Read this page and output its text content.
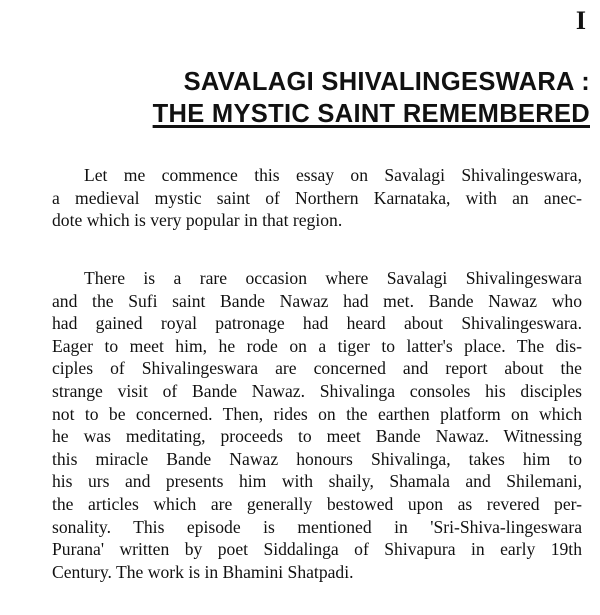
I
SAVALAGI SHIVALINGESWARA :
THE MYSTIC SAINT REMEMBERED
Let me commence this essay on Savalagi Shivalingeswara,
a medieval mystic saint of Northern Karnataka, with an anec-
dote which is very popular in that region.
There is a rare occasion where Savalagi Shivalingeswara
and the Sufi saint Bande Nawaz had met. Bande Nawaz who
had gained royal patronage had heard about Shivalingeswara.
Eager to meet him, he rode on a tiger to latter's place. The dis-
ciples of Shivalingeswara are concerned and report about the
strange visit of Bande Nawaz. Shivalinga consoles his disciples
not to be concerned. Then, rides on the earthen platform on which
he was meditating, proceeds to meet Bande Nawaz. Witnessing
this miracle Bande Nawaz honours Shivalinga, takes him to
his urs and presents him with shaily, Shamala and Shilemani,
the articles which are generally bestowed upon as revered per-
sonality. This episode is mentioned in 'Sri-Shiva-lingeswara
Purana' written by poet Siddalinga of Shivapura in early 19th
Century. The work is in Bhamini Shatpadi.
